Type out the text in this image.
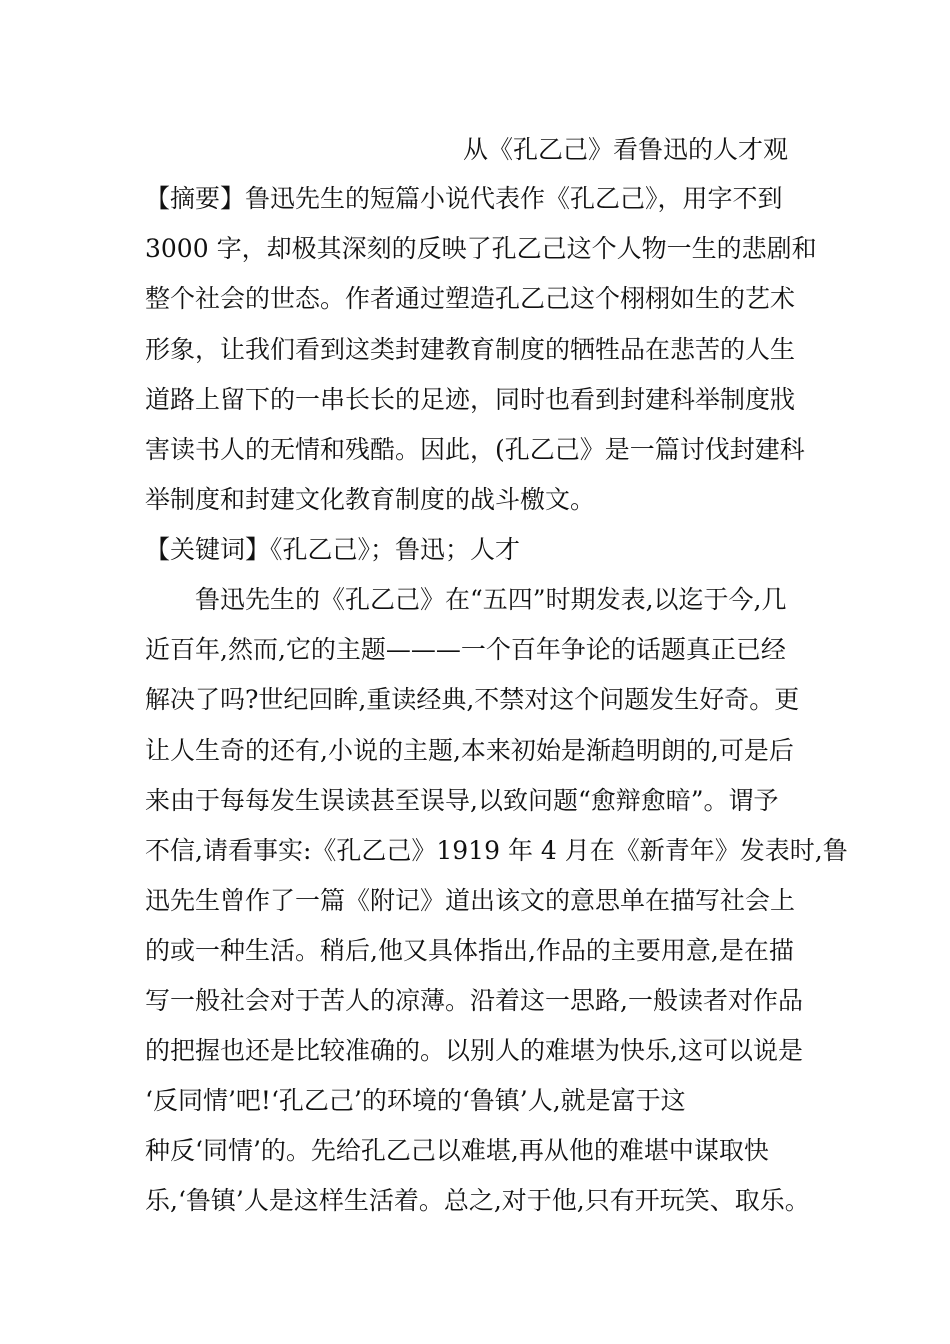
从《孔乙己》看鲁迅的人才观

【摘要】鲁迅先生的短篇小说代表作《孔乙己》，用字不到

3000 字，却极其深刻的反映了孔乙己这个人物一生的悲剧和

整个社会的世态。作者通过塑造孔乙己这个栩栩如生的艺术

形象，让我们看到这类封建教育制度的牺牲品在悲苦的人生

道路上留下的一串长长的足迹，同时也看到封建科举制度戕

害读书人的无情和残酷。因此，(孔乙己》是一篇讨伐封建科

举制度和封建文化教育制度的战斗檄文。

【关键词】《孔乙己》；鲁迅；人才

　　鲁迅先生的《孔乙己》在“五四”时期发表,以迄于今,几

近百年,然而,它的主题———一个百年争论的话题真正已经

解决了吗?世纪回眸,重读经典,不禁对这个问题发生好奇。更

让人生奇的还有,小说的主题,本来初始是渐趋明朗的,可是后

来由于每每发生误读甚至误导,以致问题“愈辩愈暗”。谓予

不信,请看事实:《孔乙己》1919 年 4 月在《新青年》发表时,鲁

迅先生曾作了一篇《附记》道出该文的意思单在描写社会上

的或一种生活。稍后,他又具体指出,作品的主要用意,是在描

写一般社会对于苦人的凉薄。沿着这一思路,一般读者对作品

的把握也还是比较准确的。以别人的难堪为快乐,这可以说是

‘反同情’吧!‘孔乙己’的环境的‘鲁镇’人,就是富于这

种反‘同情’的。先给孔乙己以难堪,再从他的难堪中谋取快

乐,‘鲁镇’人是这样生活着。总之,对于他,只有开玩笑、取乐。
